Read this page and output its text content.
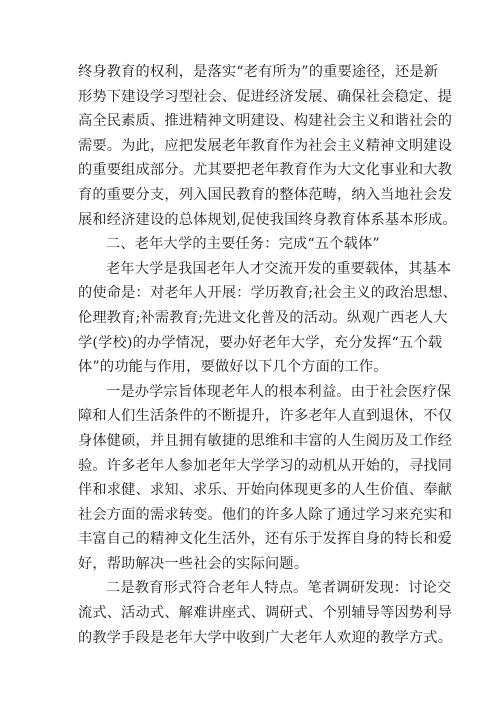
终身教育的权利，是落实“老有所为”的重要途径，还是新
形势下建设学习型社会、促进经济发展、确保社会稳定、提
高全民素质、推进精神文明建设、构建社会主义和谐社会的
需要。为此，应把发展老年教育作为社会主义精神文明建设
的重要组成部分。尤其要把老年教育作为大文化事业和大教
育的重要分支，列入国民教育的整体范畴，纳入当地社会发
展和经济建设的总体规划,促使我国终身教育体系基本形成。
二、老年大学的主要任务：完成“五个载体”
老年大学是我国老年人才交流开发的重要载体，其基本
的使命是：对老年人开展：学历教育;社会主义的政治思想、
伦理教育;补需教育;先进文化普及的活动。纵观广西老人大
学(学校)的办学情况，要办好老年大学，充分发挥“五个载
体”的功能与作用，要做好以下几个方面的工作。
一是办学宗旨体现老年人的根本利益。由于社会医疗保
障和人们生活条件的不断提升，许多老年人直到退休，不仅
身体健硕，并且拥有敏捷的思维和丰富的人生阅历及工作经
验。许多老年人参加老年大学学习的动机从开始的，寻找同
伴和求健、求知、求乐、开始向体现更多的人生价值、奉献
社会方面的需求转变。他们的许多人除了通过学习来充实和
丰富自己的精神文化生活外，还有乐于发挥自身的特长和爱
好，帮助解决一些社会的实际问题。
二是教育形式符合老年人特点。笔者调研发现：讨论交
流式、活动式、解难讲座式、调研式、个别辅导等因势利导
的教学手段是老年大学中收到广大老年人欢迎的教学方式。
